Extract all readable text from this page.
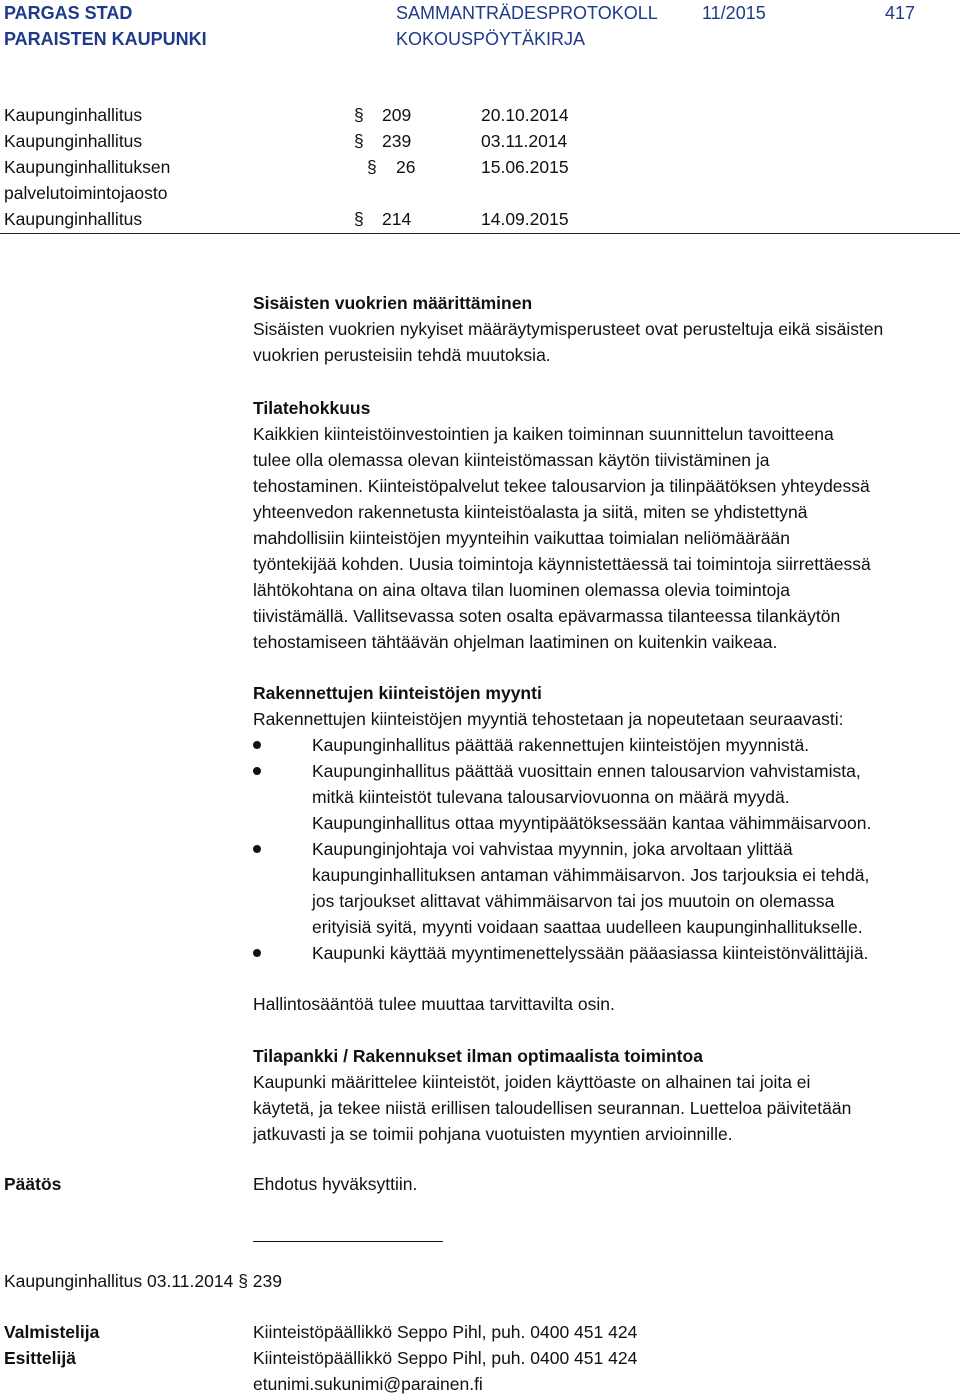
PARGAS STAD
PARAISTEN KAUPUNKI
SAMMANTRÄDESPROTOKOLL
KOKOUSPÖYTÄKIRJA
11/2015	417
Kaupunginhallitus	§ 209	20.10.2014
Kaupunginhallitus	§ 239	03.11.2014
Kaupunginhallituksen	§ 26	15.06.2015
palvelutoimintojaosto
Kaupunginhallitus	§ 214	14.09.2015

Sisäisten vuokrien määrittäminen

Sisäisten vuokrien nykyiset määräytymisperusteet ovat perusteltuja eikä sisäisten

vuokrien perusteisiin tehdä muutoksia.

Tilatehokkuus

Kaikkien kiinteistöinvestointien ja kaiken toiminnan suunnittelun tavoitteena

tulee olla olemassa olevan kiinteistömassan käytön tiivistäminen ja

tehostaminen. Kiinteistöpalvelut tekee talousarvion ja tilinpäätöksen yhteydessä

yhteenvedon rakennetusta kiinteistöalasta ja siitä, miten se yhdistettynä

mahdollisiin kiinteistöjen myynteihin vaikuttaa toimialan neliömäärään

työntekijää kohden. Uusia toimintoja käynnistettäessä tai toimintoja siirrettäessä

lähtökohtana on aina oltava tilan luominen olemassa olevia toimintoja

tiivistämällä. Vallitsevassa soten osalta epävarmassa tilanteessa tilankäytön

tehostamiseen tähtäävän ohjelman laatiminen on kuitenkin vaikeaa.

Rakennettujen kiinteistöjen myynti

Rakennettujen kiinteistöjen myyntiä tehostetaan ja nopeutetaan seuraavasti:

Kaupunginhallitus päättää rakennettujen kiinteistöjen myynnistä.
Kaupunginhallitus päättää vuosittain ennen talousarvion vahvistamista,
mitkä kiinteistöt tulevana talousarviovuonna on määrä myydä.
Kaupunginhallitus ottaa myyntipäätöksessään kantaa vähimmäisarvoon.
Kaupunginjohtaja voi vahvistaa myynnin, joka arvoltaan ylittää
kaupunginhallituksen antaman vähimmäisarvon. Jos tarjouksia ei tehdä,
jos tarjoukset alittavat vähimmäisarvon tai jos muutoin on olemassa
erityisiä syitä, myynti voidaan saattaa uudelleen kaupunginhallitukselle.
Kaupunki käyttää myyntimenettelyssään pääasiassa kiinteistönvälittäjiä.

Hallintosääntöä tulee muuttaa tarvittavilta osin.

Tilapankki / Rakennukset ilman optimaalista toimintoa

Kaupunki määrittelee kiinteistöt, joiden käyttöaste on alhainen tai joita ei

käytetä, ja tekee niistä erillisen taloudellisen seurannan. Luetteloa päivitetään

jatkuvasti ja se toimii pohjana vuotuisten myyntien arvioinnille.

Päätös	Ehdotus hyväksyttiin.
Kaupunginhallitus 03.11.2014 § 239
Valmistelija	Kiinteistöpäällikkö Seppo Pihl, puh. 0400 451 424
Esittelijä	Kiinteistöpäällikkö Seppo Pihl, puh. 0400 451 424
etunimi.sukunimi@parainen.fi
